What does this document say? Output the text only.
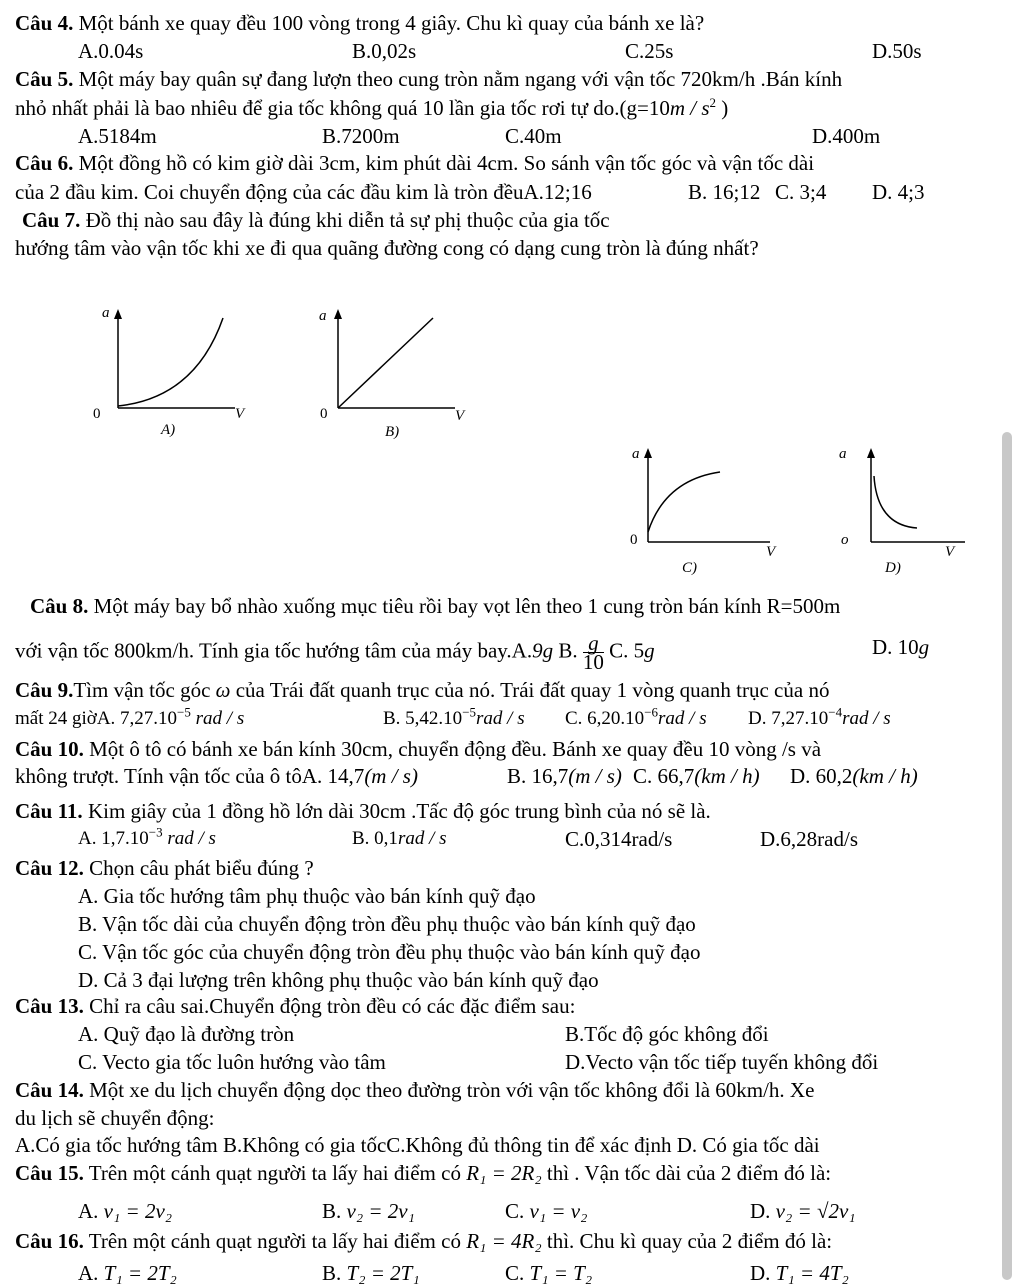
Câu 4. Một bánh xe quay đều 100 vòng trong 4 giây. Chu kì quay của bánh xe là?
A.0.04s	B.0,02s	C.25s	D.50s
Câu 5. Một máy bay quân sự đang lượn theo cung tròn nằm ngang với vận tốc 720km/h .Bán kính
nhỏ nhất phải là bao nhiêu để gia tốc không quá 10 lần gia tốc rơi tự $do.(g=10m / s^2$ )
A.5184m	B.7200m	C.40m	D.400m
Câu 6. Một đồng hồ có kim giờ dài 3cm, kim phút dài 4cm. So sánh vận tốc góc và vận tốc dài
của 2 đầu kim. Coi chuyển động của các đầu kim là tròn đềuA.12;16	B. 16;12 C. 3;4 D. 4;3
Câu 7. Đồ thị nào sau đây là đúng khi diễn tả sự phị thuộc của gia tốc
hướng tâm vào vận tốc khi xe đi qua quãng đường cong có dạng cung tròn là đúng nhất?
a
0	V
A)
a
0	V
B)
a
0
V
C)
a
o
V
D)
Câu 8. Một máy bay bổ nhào xuống mục tiêu rồi bay vọt lên theo 1 cung tròn bán kính R=500m
với vận tốc 800km/h. Tính gia tốc hướng tâm của máy bay.A.9g B. $\frac{g}{10} C$. 5g	D. 10g
Câu 9.Tìm vận tốc góc ω của Trái đất quanh trục của nó. Trái đất quay 1 vòng quanh trục của nó
mất 24 giờA. $7,27.10^{-5}$ rad / s	B. $5,42.10^{-5}rad$ / s C. $6,20.10^{-6}rad$ / s D. $7,27.10^{-4}rad$ / s
Câu 10. Một ô tô có bánh xe bán kính 30cm, chuyển động đều. Bánh xe quay đều 10 vòng /s và
không trượt. Tính vận tốc của ô tôA. 14,7(m / s)	B. 16,7(m / s) C. 66,7(km / h) D. 60,2(km / h)
Câu 11. Kim giây của 1 đồng hồ lớn dài 30cm .Tấc độ góc trung bình của nó sẽ là.
A. $1,7.10^{-3}$ rad / s	B. 0,1rad / s	C.0,314rad/s	D.6,28rad/s
Câu 12. Chọn câu phát biểu đúng ?
A. Gia tốc hướng tâm phụ thuộc vào bán kính quỹ đạo
B. Vận tốc dài của chuyển động tròn đều phụ thuộc vào bán kính quỹ đạo
C. Vận tốc góc của chuyển động tròn đều phụ thuộc vào bán kính quỹ đạo
D. Cả 3 đại lượng trên không phụ thuộc vào bán kính quỹ đạo
Câu 13. Chỉ ra câu sai.Chuyển động tròn đều có các đặc điểm sau:
A. Quỹ đạo là đường tròn	B.Tốc độ góc không đổi
C. Vecto gia tốc luôn hướng vào tâm	D.Vecto vận tốc tiếp tuyến không đổi
Câu 14. Một xe du lịch chuyển động dọc theo đường tròn với vận tốc không đổi là 60km/h. Xe
du lịch sẽ chuyển động:
A.Có gia tốc hướng tâm B.Không có gia tốcC.Không đủ thông tin để xác định D. Có gia tốc dài
Câu 15. Trên một cánh quạt người ta lấy hai điểm có R₁ = 2R₂ thì . Vận tốc dài của 2 điểm đó là:
A. v₁ = 2v₂	B. v₂ = 2v₁	C. v₁ = v₂	D. v₂ = √2v₁
Câu 16. Trên một cánh quạt người ta lấy hai điểm có R₁ = 4R₂ thì. Chu kì quay của 2 điểm đó là:
A. T₁ = 2T₂	B. T₂ = 2T₁	C. T₁ = T₂	D. T₁ = 4T₂
